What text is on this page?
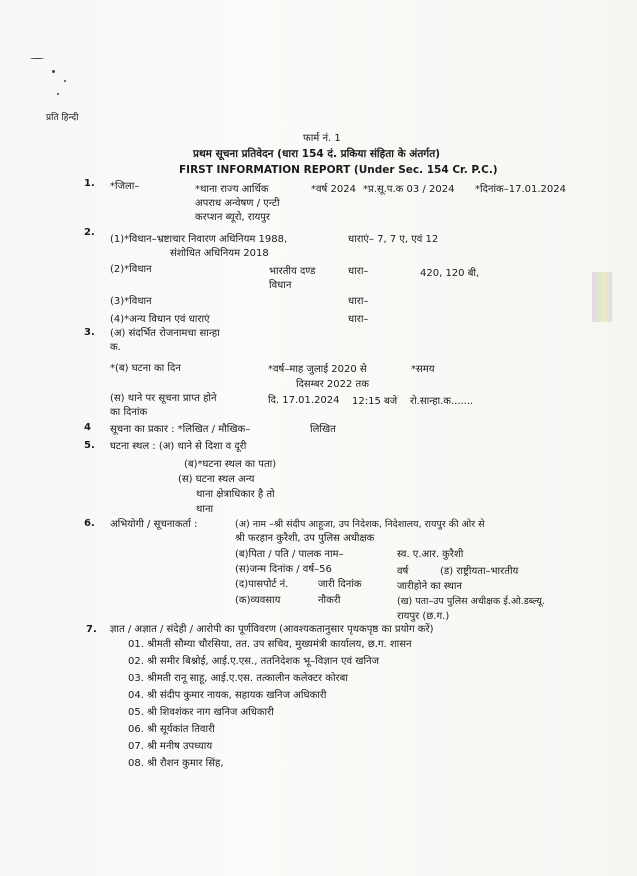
प्रति हिन्दी
फार्म नं. 1
प्रथम सूचना प्रतिवेदन (धारा 154 दं. प्रकिया संहिता के अंतर्गत)
FIRST INFORMATION REPORT (Under Sec. 154 Cr. P.C.)
1. *जिला–	*थाना राज्य आर्थिक
अपराध अन्वेषण / एन्टी
करप्शन ब्यूरो, रायपुर
*वर्ष 2024 *प्र.सू.प.क 03 / 2024 *दिनांक–17.01.2024
2.
(1)*विधान–भ्रष्टाचार निवारण अधिनियम 1988,
संशोधित अधिनियम 2018
धाराएं– 7, 7 ए, एवं 12
(2)*विधान	भारतीय दण्ड
विधान
धारा–	420, 120 बी,
(3)*विधान	धारा–
(4)*अन्य विधान एवं धाराएं	धारा–
3. (अ) संदर्भित रोजनामचा सान्हा
क.
*(ब) घटना का दिन	*वर्ष–माह जुलाई 2020 से
दिसम्बर 2022 तक
*समय
(स) थाने पर सूचना प्राप्त होने
का दिनांक
दि. 17.01.2024 12:15 बजे रो.सान्हा.क.......
4 सूचना का प्रकार : *लिखित / मौखिक–	लिखित
5. घटना स्थल : (अ) थाने से दिशा व दूरी
(ब)*घटना स्थल का पता)
(स) घटना स्थल अन्य
थाना क्षेत्राधिकार है तो
थाना
6. अभियोगी / सूचनाकर्ता :	(अ) नाम –श्री संदीप आहूजा, उप निदेशक, निदेशालय, रायपुर की ओर से
श्री फरहान कुरैशी, उप पुलिस अधीक्षक
(ब)पिता / पति / पालक नाम–	स्व. ए.आर. कुरैशी
(स)जन्म दिनांक / वर्ष–56	वर्ष	(ड) राष्ट्रीयता–भारतीय
(द)पासपोर्ट नं.	जारी दिनांक	जारीहोने का स्थान
(क)व्यवसाय	नौकरी	(ख) पता–उप पुलिस अधीक्षक ई.ओ.डब्ल्यू.
रायपुर (छ.ग.)
7. ज्ञात / अज्ञात / संदेही / आरोपी का पूर्णविवरण (आवश्यकतानुसार पृथकपृष्ठ का प्रयोग करें)
01. श्रीमती सौम्या चौरसिया, तत. उप सचिव, मुख्यमंत्री कार्यालय, छ.ग. शासन
02. श्री समीर बिश्नोई, आई.ए.एस., ततनिदेशक भू–विज्ञान एवं खनिज
03. श्रीमती रानू साहू, आई.ए.एस. तत्कालीन कलेक्टर कोरबा
04. श्री संदीप कुमार नायक, सहायक खनिज अधिकारी
05. श्री शिवशंकर नाग खनिज अधिकारी
06. श्री सूर्यकांत तिवारी
07. श्री मनीष उपध्याय
08. श्री रौशन कुमार सिंह,
